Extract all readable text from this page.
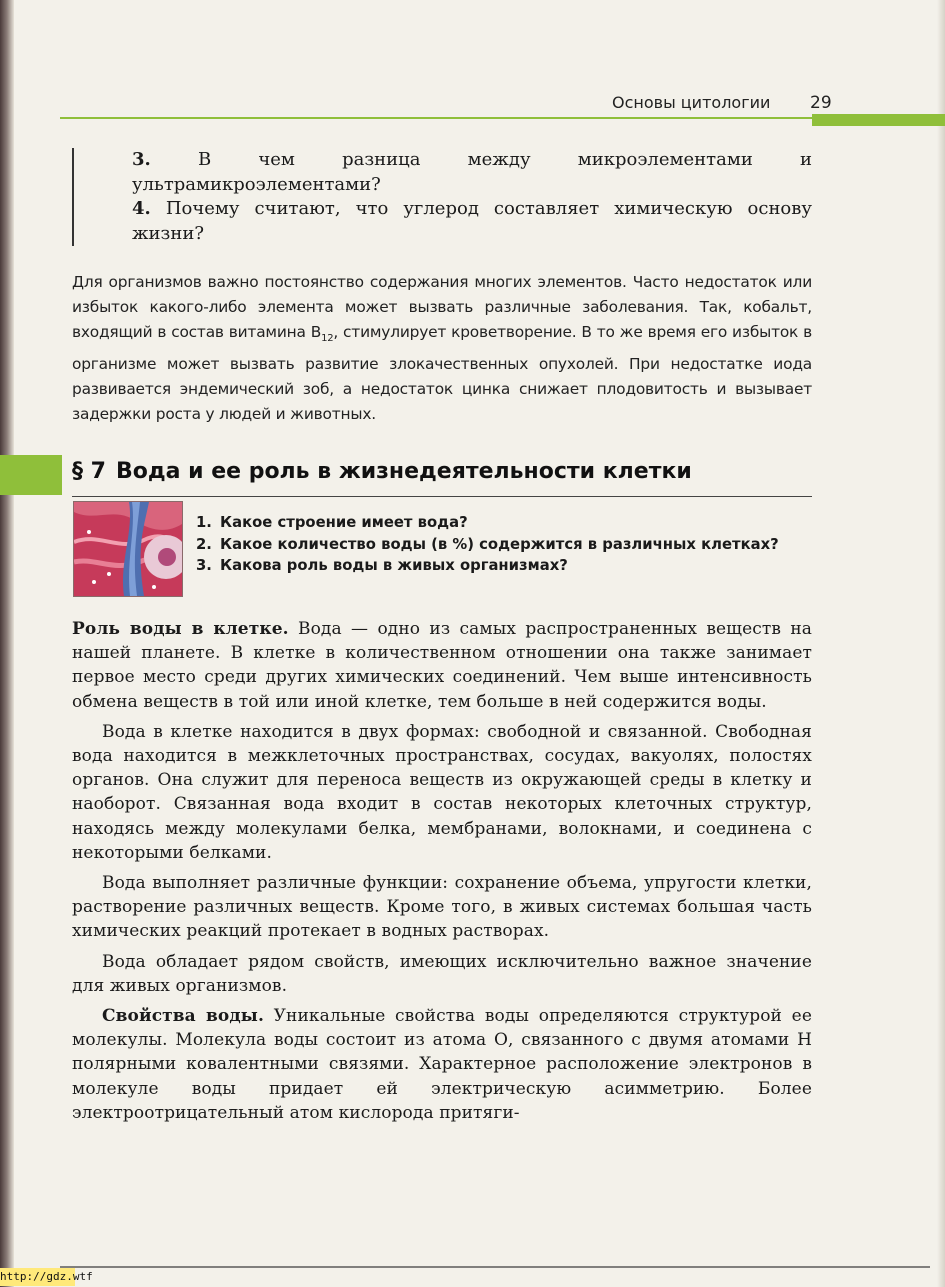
Основы цитологии 29

3.	В чем разница между микроэлементами и ультрамикроэлементами?

4. Почему считают, что углерод составляет химическую основу жизни?

Для организмов важно постоянство содержания многих элементов. Часто недостаток или избыток какого-либо элемента может вызвать различные заболевания. Так, кобальт, входящий в состав витамина $В_{12}$, стимулирует кроветворение. В то же время его избыток в организме может вызвать развитие злокачественных опухолей. При недостатке иода развивается эндемический зоб, а недостаток цинка снижает плодовитость и вызывает задержки роста у людей и животных.
§ 7 Вода и ее роль в жизнедеятельности клетки
1. Какое строение имеет вода?
2. Какое количество воды (в %) содержится в различных клетках?
3. Какова роль воды в живых организмах?

Роль воды в клетке. Вода — одно из самых распространенных веществ на нашей планете. В клетке в количественном отношении она также занимает первое место среди других химических соединений. Чем выше интенсивность обмена веществ в той или иной клетке, тем больше в ней содержится воды.

Вода в клетке находится в двух формах: свободной и связанной. Свободная вода находится в межклеточных пространствах, сосудах, вакуолях, полостях органов. Она служит для переноса веществ из окружающей среды в клетку и наоборот. Связанная вода входит в состав некоторых клеточных структур, находясь между молекулами белка, мембранами, волокнами, и соединена с некоторыми белками.

Вода выполняет различные функции: сохранение объема, упругости клетки, растворение различных веществ. Кроме того, в живых системах большая часть химических реакций протекает в водных растворах.

Вода обладает рядом свойств, имеющих исключительно важное значение для живых организмов.

Свойства воды. Уникальные свойства воды определяются структурой ее молекулы. Молекула воды состоит из атома О, связанного с двумя атомами Н полярными ковалентными связями. Характерное расположение электронов в молекуле воды придает ей электрическую асимметрию. Более электроотрицательный атом кислорода притяги-

http://gdz.wtf
